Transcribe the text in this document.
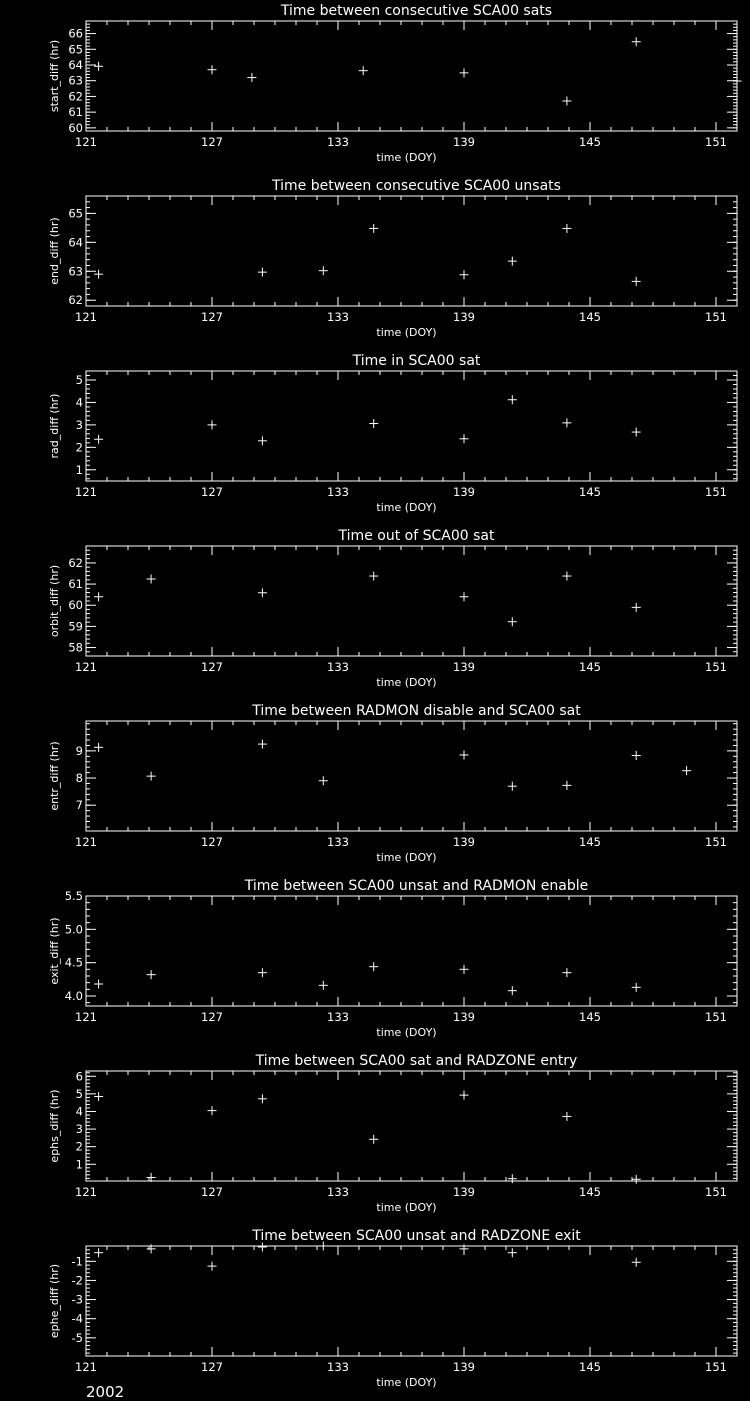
Time between consecutive SCA00 sats
121	127	133	139	145	151
time (DOY)
60
61
62
63
64
65
66
start_diff (hr)
Time between consecutive SCA00 unsats
121	127	133	139	145	151
time (DOY)
62
63
64
65
end_diff (hr)
Time in SCA00 sat
121	127	133	139	145	151
time (DOY)
1
2
3
4
5
rad_diff (hr)
Time out of SCA00 sat
121	127	133	139	145	151
time (DOY)
58
59
60
61
62
orbit_diff (hr)
Time between RADMON disable and SCA00 sat
121	127	133	139	145	151
time (DOY)
7
8
9
entr_diff (hr)
Time between SCA00 unsat and RADMON enable
121	127	133	139	145	151
time (DOY)
4.0
4.5
5.0
5.5
exit_diff (hr)
Time between SCA00 sat and RADZONE entry
121	127	133	139	145	151
time (DOY)
1
2
3
4
5
6
ephs_diff (hr)
Time between SCA00 unsat and RADZONE exit
121	127	133	139	145	151
time (DOY)
-5
-4
-3
-2
-1
ephe_diff (hr)
2002
